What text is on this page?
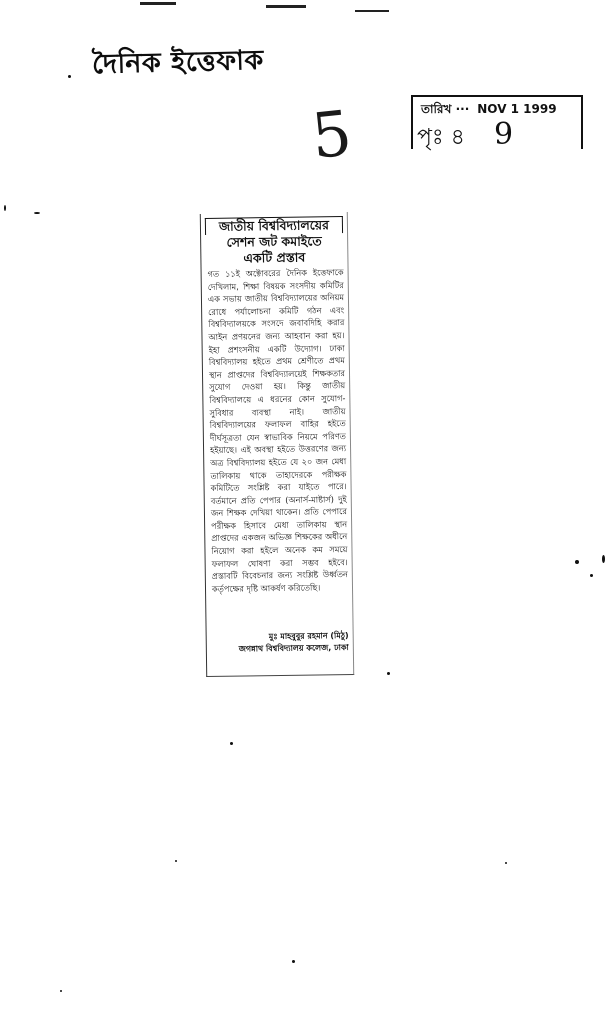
দৈনিক ইত্তেফাক
5	তারিখ ··· NOV 1 1999
পৃঃ ৪ 9
জাতীয় বিশ্ববিদ্যালয়ের
সেশন জট কমাইতে
একটি প্রস্তাব
গত ১১ই অক্টোবরের দৈনিক ইত্তেফাকে দেখিলাম, শিক্ষা বিষয়ক সংসদীয় কমিটির এক সভায় জাতীয় বিশ্ববিদ্যালয়ের অনিয়ম রোধে পর্যালোচনা কমিটি গঠন এবং বিশ্ববিদ্যালয়কে সংসদে জবাবদিহি করার আইন প্রণয়নের জন্য আহবান করা হয়। ইহা প্রশংসনীয় একটি উদ্যোগ। ঢাকা বিশ্ববিদ্যালয় হইতে প্রথম শ্রেণীতে প্রথম স্থান প্রাপ্তদের বিশ্ববিদ্যালয়েই শিক্ষকতার সুযোগ দেওয়া হয়। কিন্তু জাতীয় বিশ্ববিদ্যালয়ে এ ধরনের কোন সুযোগ-সুবিধার ব্যবস্থা নাই। জাতীয় বিশ্ববিদ্যালয়ের ফলাফল বাহির হইতে দীর্ঘসূত্রতা যেন স্বাভাবিক নিয়মে পরিণত হইয়াছে। এই অবস্থা হইতে উত্তরণের জন্য অত্র বিশ্ববিদ্যালয় হইতে যে ২০ জন মেধা তালিকায় থাকে তাহাদেরকে পরীক্ষক কমিটিতে সংশ্লিষ্ট করা যাইতে পারে। বর্তমানে প্রতি পেপার (অনার্স-মাষ্টার্স) দুই জন শিক্ষক দেখিয়া থাকেন। প্রতি পেপারে পরীক্ষক হিসাবে মেধা তালিকায় স্থান প্রাপ্তদের একজন অভিজ্ঞ শিক্ষকের অধীনে নিয়োগ করা হইলে অনেক কম সময়ে ফলাফল ঘোষণা করা সম্ভব হইবে। প্রস্তাবটি বিবেচনার জন্য সংশ্লিষ্ট উর্ধ্বতন কর্তৃপক্ষের দৃষ্টি আকর্ষণ করিতেছি।
মুঃ মাহবুবুর রহমান (মিঠু)
জগন্নাথ বিশ্ববিদ্যালয় কলেজ, ঢাকা
